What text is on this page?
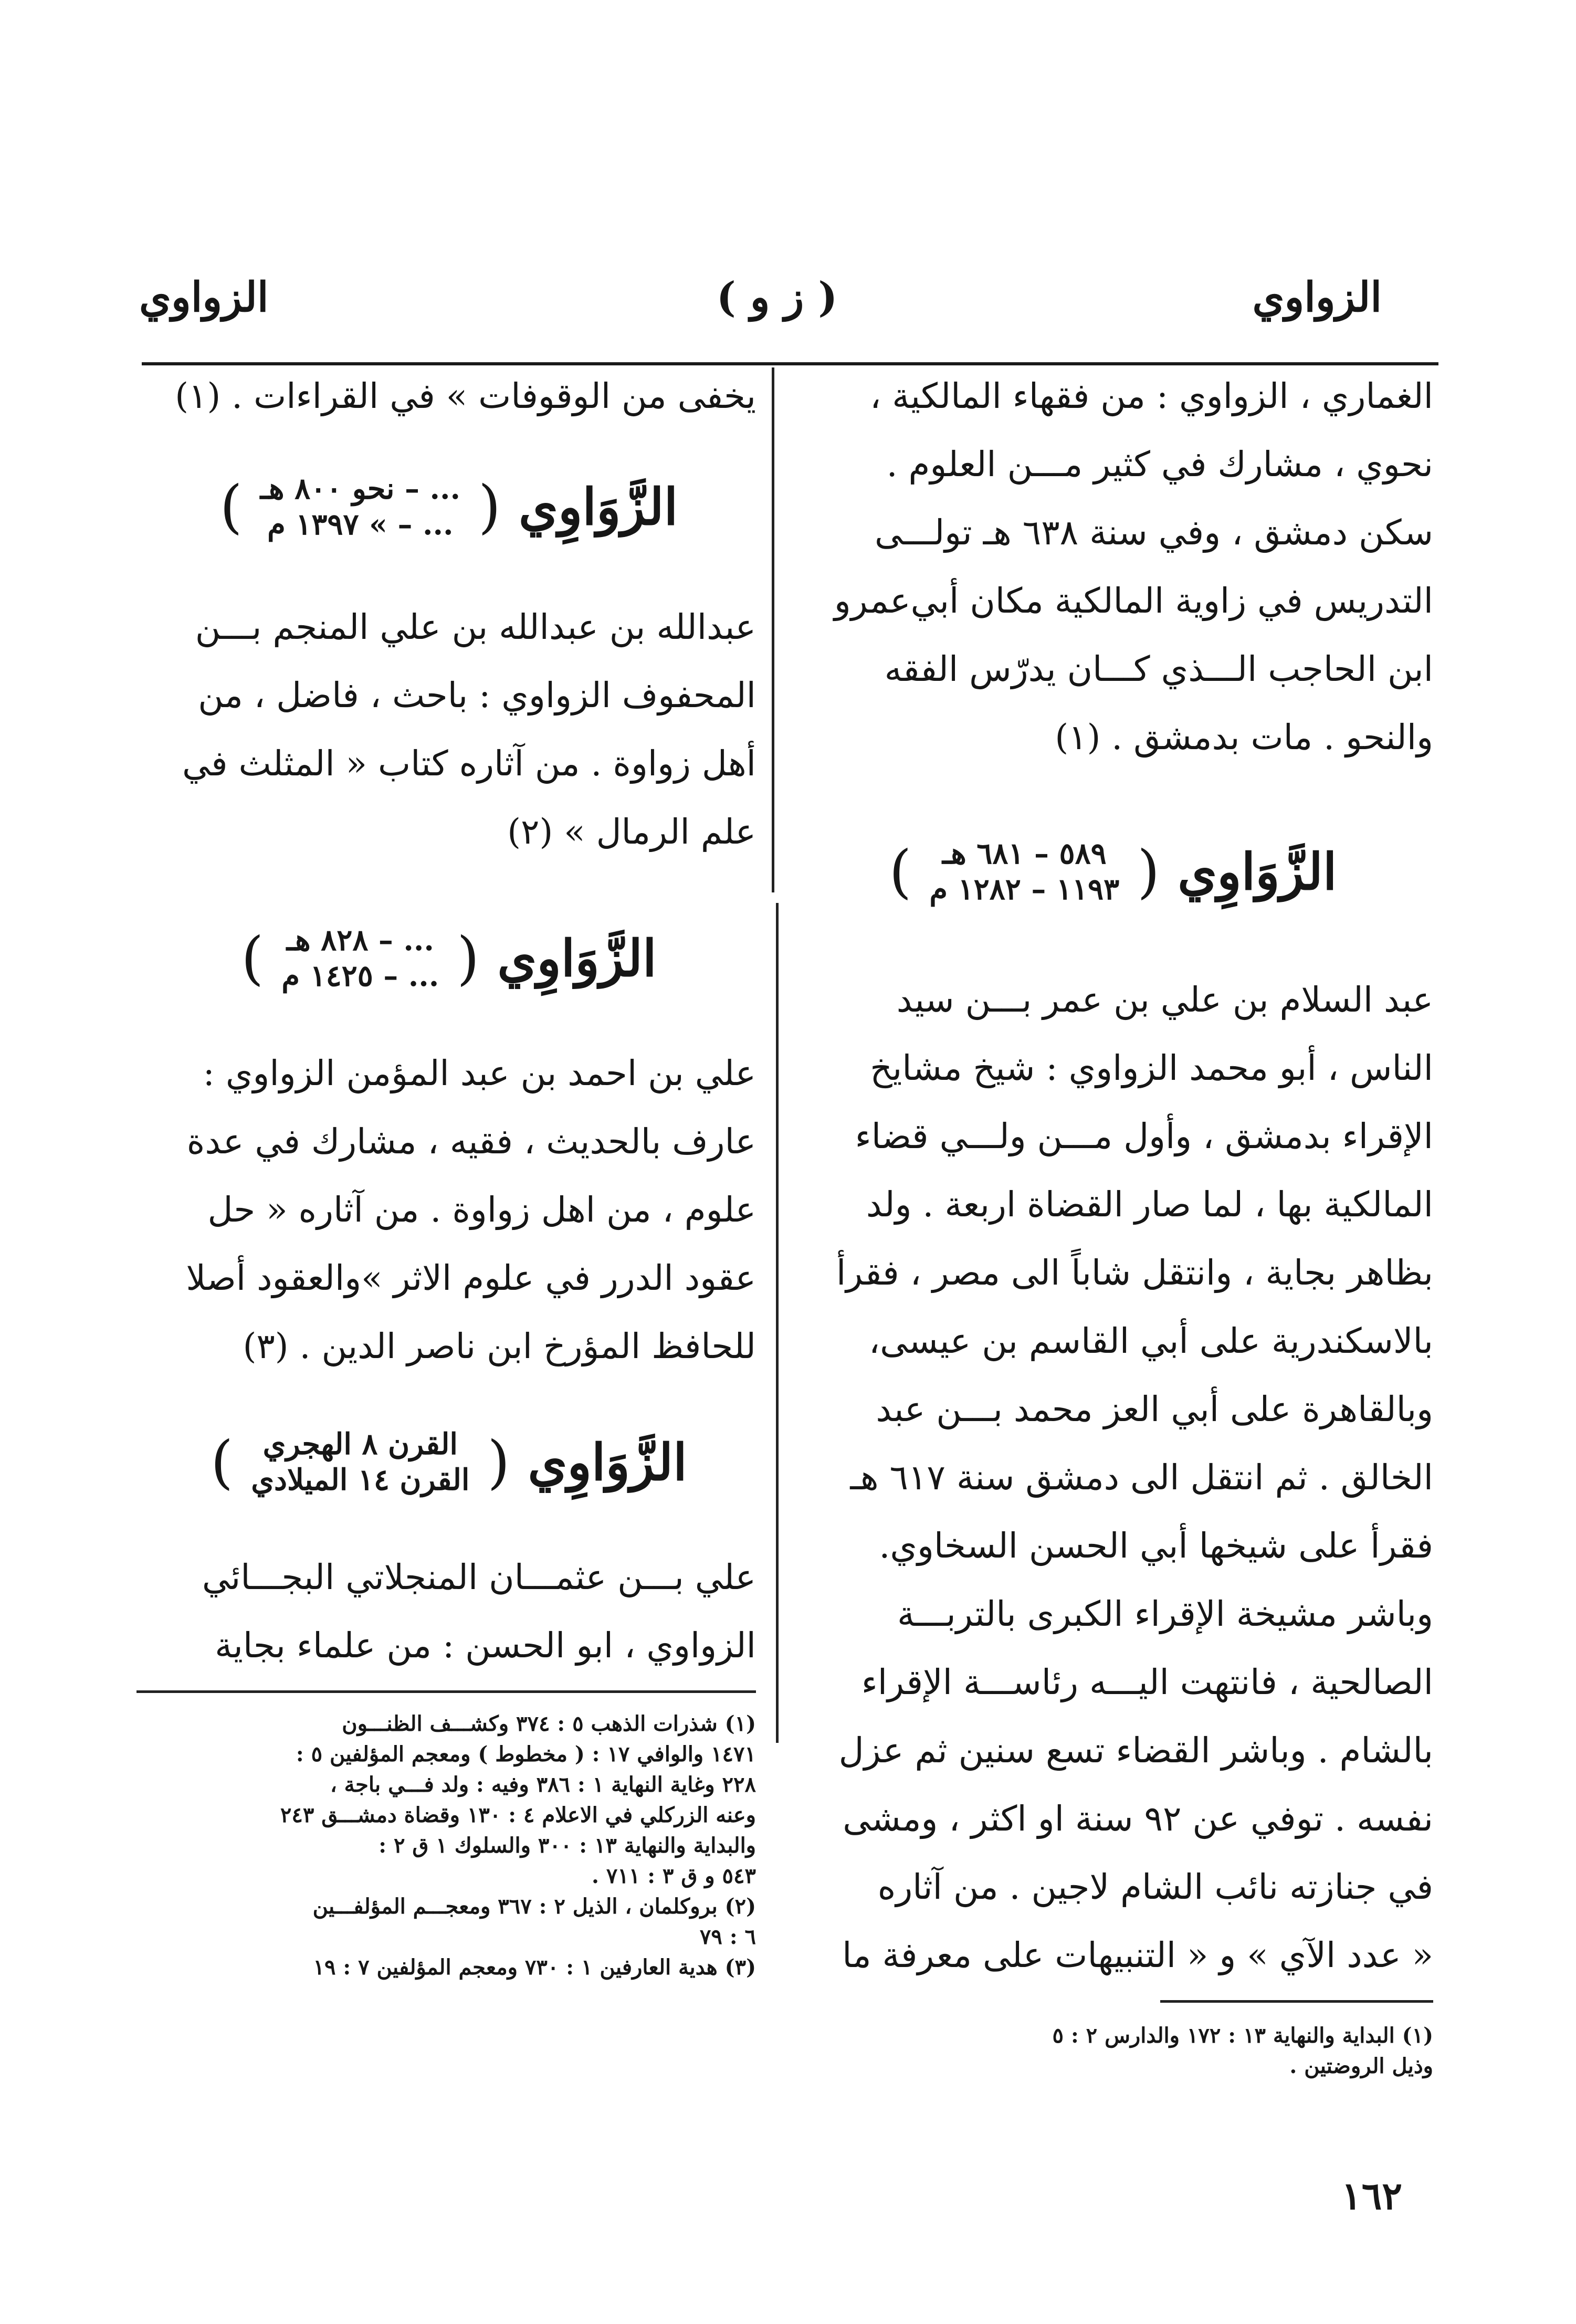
الزواوي
( ز و )
الزواوي

الغماري ، الزواوي : من فقهاء المالكية ،

نحوي ، مشارك في كثير مـــن العلوم .

سكن دمشق ، وفي سنة ٦٣٨ هـ تولـــى

التدريس في زاوية المالكية مكان أبي‌عمرو

ابن الحاجب الـــذي كـــان يدرّس الفقه

والنحو . مات بدمشق . (١)

الزَّوَاوِي
(
٥٨٩ – ٦٨١ هـ
١١٩٣ – ١٢٨٢ م
)

عبد السلام بن علي بن عمر بـــن سيد

الناس ، أبو محمد الزواوي : شيخ مشايخ

الإقراء بدمشق ، وأول مـــن ولـــي قضاء

المالكية بها ، لما صار القضاة اربعة . ولد

بظاهر بجاية ، وانتقل شاباً الى مصر ، فقرأ

بالاسكندرية على أبي القاسم بن عيسى،

وبالقاهرة على أبي العز محمد بـــن عبد

الخالق . ثم انتقل الى دمشق سنة ٦١٧ هـ

فقرأ على شيخها أبي الحسن السخاوي.

وباشر مشيخة الإقراء الكبرى بالتربـــة

الصالحية ، فانتهت اليـــه رئاســـة الإقراء

بالشام . وباشر القضاء تسع سنين ثم عزل

نفسه . توفي عن ٩٢ سنة او اكثر ، ومشى

في جنازته نائب الشام لاجين . من آثاره

« عدد الآي » و « التنبيهات على معرفة ما

(١) البداية والنهاية ١٣ : ١٧٢ والدارس ٢ : ٥

وذيل الروضتين .

يخفى من الوقوفات » في القراءات . (١)

الزَّوَاوِي
(
... – نحو ٨٠٠ هـ
... – » ١٣٩٧ م
)

عبدالله بن عبدالله بن علي المنجم بـــن

المحفوف الزواوي : باحث ، فاضل ، من

أهل زواوة . من آثاره كتاب « المثلث في

علم الرمال » (٢)

الزَّوَاوِي
(
... – ٨٢٨ هـ
... – ١٤٢٥ م
)

علي بن احمد بن عبد المؤمن الزواوي :

عارف بالحديث ، فقيه ، مشارك في عدة

علوم ، من اهل زواوة . من آثاره « حل

عقود الدرر في علوم الاثر »والعقود أصلا

للحافظ المؤرخ ابن ناصر الدين . (٣)

الزَّوَاوِي
(
القرن ٨ الهجري
القرن ١٤ الميلادي
)

علي بـــن عثمـــان المنجلاتي البجـــائي

الزواوي ، ابو الحسن : من علماء بجاية

(١) شذرات الذهب ٥ : ٣٧٤ وكشـــف الظنـــون

١٤٧١ والوافي ١٧ : ( مخطوط ) ومعجم المؤلفين ٥ :

٢٢٨ وغاية النهاية ١ : ٣٨٦ وفيه : ولد فـــي باجة ،

وعنه الزركلي في الاعلام ٤ : ١٣٠ وقضاة دمشـــق ٢٤٣

والبداية والنهاية ١٣ : ٣٠٠ والسلوك ١ ق ٢ :

٥٤٣ و ق ٣ : ٧١١ .

(٢) بروكلمان ، الذيل ٢ : ٣٦٧ ومعجـــم المؤلفـــين

٦ : ٧٩

(٣) هدية العارفين ١ : ٧٣٠ ومعجم المؤلفين ٧ : ١٩

١٦٢
